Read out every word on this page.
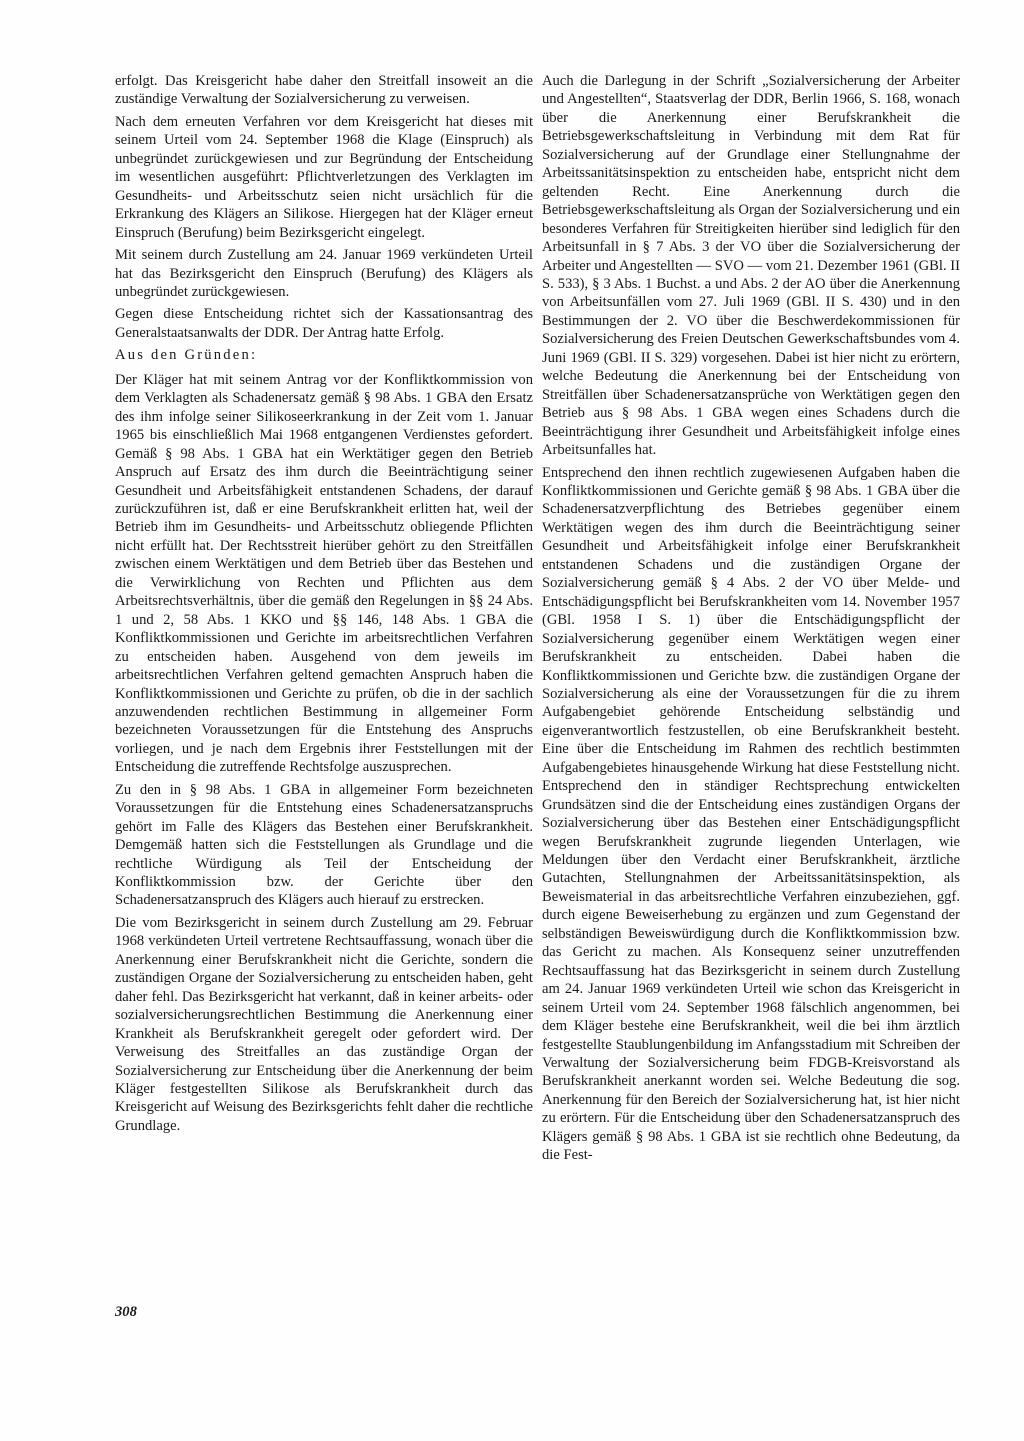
erfolgt. Das Kreisgericht habe daher den Streitfall insoweit an die zuständige Verwaltung der Sozialversicherung zu verweisen.

Nach dem erneuten Verfahren vor dem Kreisgericht hat dieses mit seinem Urteil vom 24. September 1968 die Klage (Einspruch) als unbegründet zurückgewiesen und zur Begründung der Entscheidung im wesentlichen ausgeführt: Pflichtverletzungen des Verklagten im Gesundheits- und Arbeitsschutz seien nicht ursächlich für die Erkrankung des Klägers an Silikose. Hiergegen hat der Kläger erneut Einspruch (Berufung) beim Bezirksgericht eingelegt.

Mit seinem durch Zustellung am 24. Januar 1969 verkündeten Urteil hat das Bezirksgericht den Einspruch (Berufung) des Klägers als unbegründet zurückgewiesen.

Gegen diese Entscheidung richtet sich der Kassationsantrag des Generalstaatsanwalts der DDR. Der Antrag hatte Erfolg.

Aus den Gründen:

Der Kläger hat mit seinem Antrag vor der Konfliktkommission von dem Verklagten als Schadenersatz gemäß § 98 Abs. 1 GBA den Ersatz des ihm infolge seiner Silikoseerkrankung in der Zeit vom 1. Januar 1965 bis einschließlich Mai 1968 entgangenen Verdienstes gefordert. Gemäß § 98 Abs. 1 GBA hat ein Werktätiger gegen den Betrieb Anspruch auf Ersatz des ihm durch die Beeinträchtigung seiner Gesundheit und Arbeitsfähigkeit entstandenen Schadens, der darauf zurückzuführen ist, daß er eine Berufskrankheit erlitten hat, weil der Betrieb ihm im Gesundheits- und Arbeitsschutz obliegende Pflichten nicht erfüllt hat. Der Rechtsstreit hierüber gehört zu den Streitfällen zwischen einem Werktätigen und dem Betrieb über das Bestehen und die Verwirklichung von Rechten und Pflichten aus dem Arbeitsrechtsverhältnis, über die gemäß den Regelungen in §§ 24 Abs. 1 und 2, 58 Abs. 1 KKO und §§ 146, 148 Abs. 1 GBA die Konfliktkommissionen und Gerichte im arbeitsrechtlichen Verfahren zu entscheiden haben. Ausgehend von dem jeweils im arbeitsrechtlichen Verfahren geltend gemachten Anspruch haben die Konfliktkommissionen und Gerichte zu prüfen, ob die in der sachlich anzuwendenden rechtlichen Bestimmung in allgemeiner Form bezeichneten Voraussetzungen für die Entstehung des Anspruchs vorliegen, und je nach dem Ergebnis ihrer Feststellungen mit der Entscheidung die zutreffende Rechtsfolge auszusprechen.

Zu den in § 98 Abs. 1 GBA in allgemeiner Form bezeichneten Voraussetzungen für die Entstehung eines Schadenersatzanspruchs gehört im Falle des Klägers das Bestehen einer Berufskrankheit. Demgemäß hatten sich die Feststellungen als Grundlage und die rechtliche Würdigung als Teil der Entscheidung der Konfliktkommission bzw. der Gerichte über den Schadenersatzanspruch des Klägers auch hierauf zu erstrecken.

Die vom Bezirksgericht in seinem durch Zustellung am 29. Februar 1968 verkündeten Urteil vertretene Rechtsauffassung, wonach über die Anerkennung einer Berufskrankheit nicht die Gerichte, sondern die zuständigen Organe der Sozialversicherung zu entscheiden haben, geht daher fehl. Das Bezirksgericht hat verkannt, daß in keiner arbeits- oder sozialversicherungsrechtlichen Bestimmung die Anerkennung einer Krankheit als Berufskrankheit geregelt oder gefordert wird. Der Verweisung des Streitfalles an das zuständige Organ der Sozialversicherung zur Entscheidung über die Anerkennung der beim Kläger festgestellten Silikose als Berufskrankheit durch das Kreisgericht auf Weisung des Bezirksgerichts fehlt daher die rechtliche Grundlage.

Auch die Darlegung in der Schrift „Sozialversicherung der Arbeiter und Angestellten“, Staatsverlag der DDR, Berlin 1966, S. 168, wonach über die Anerkennung einer Berufskrankheit die Betriebsgewerkschaftsleitung in Verbindung mit dem Rat für Sozialversicherung auf der Grundlage einer Stellungnahme der Arbeitssanitätsinspektion zu entscheiden habe, entspricht nicht dem geltenden Recht. Eine Anerkennung durch die Betriebsgewerkschaftsleitung als Organ der Sozialversicherung und ein besonderes Verfahren für Streitigkeiten hierüber sind lediglich für den Arbeitsunfall in § 7 Abs. 3 der VO über die Sozialversicherung der Arbeiter und Angestellten — SVO — vom 21. Dezember 1961 (GBl. II S. 533), § 3 Abs. 1 Buchst. a und Abs. 2 der AO über die Anerkennung von Arbeitsunfällen vom 27. Juli 1969 (GBl. II S. 430) und in den Bestimmungen der 2. VO über die Beschwerdekommissionen für Sozialversicherung des Freien Deutschen Gewerkschaftsbundes vom 4. Juni 1969 (GBl. II S. 329) vorgesehen. Dabei ist hier nicht zu erörtern, welche Bedeutung die Anerkennung bei der Entscheidung von Streitfällen über Schadenersatzansprüche von Werktätigen gegen den Betrieb aus § 98 Abs. 1 GBA wegen eines Schadens durch die Beeinträchtigung ihrer Gesundheit und Arbeitsfähigkeit infolge eines Arbeitsunfalles hat.

Entsprechend den ihnen rechtlich zugewiesenen Aufgaben haben die Konfliktkommissionen und Gerichte gemäß § 98 Abs. 1 GBA über die Schadenersatzverpflichtung des Betriebes gegenüber einem Werktätigen wegen des ihm durch die Beeinträchtigung seiner Gesundheit und Arbeitsfähigkeit infolge einer Berufskrankheit entstandenen Schadens und die zuständigen Organe der Sozialversicherung gemäß § 4 Abs. 2 der VO über Melde- und Entschädigungspflicht bei Berufskrankheiten vom 14. November 1957 (GBl. 1958 I S. 1) über die Entschädigungspflicht der Sozialversicherung gegenüber einem Werktätigen wegen einer Berufskrankheit zu entscheiden. Dabei haben die Konfliktkommissionen und Gerichte bzw. die zuständigen Organe der Sozialversicherung als eine der Voraussetzungen für die zu ihrem Aufgabengebiet gehörende Entscheidung selbständig und eigenverantwortlich festzustellen, ob eine Berufskrankheit besteht. Eine über die Entscheidung im Rahmen des rechtlich bestimmten Aufgabengebietes hinausgehende Wirkung hat diese Feststellung nicht. Entsprechend den in ständiger Rechtsprechung entwickelten Grundsätzen sind die der Entscheidung eines zuständigen Organs der Sozialversicherung über das Bestehen einer Entschädigungspflicht wegen Berufskrankheit zugrunde liegenden Unterlagen, wie Meldungen über den Verdacht einer Berufskrankheit, ärztliche Gutachten, Stellungnahmen der Arbeitssanitätsinspektion, als Beweismaterial in das arbeitsrechtliche Verfahren einzubeziehen, ggf. durch eigene Beweiserhebung zu ergänzen und zum Gegenstand der selbständigen Beweiswürdigung durch die Konfliktkommission bzw. das Gericht zu machen. Als Konsequenz seiner unzutreffenden Rechtsauffassung hat das Bezirksgericht in seinem durch Zustellung am 24. Januar 1969 verkündeten Urteil wie schon das Kreisgericht in seinem Urteil vom 24. September 1968 fälschlich angenommen, bei dem Kläger bestehe eine Berufskrankheit, weil die bei ihm ärztlich festgestellte Staublungenbildung im Anfangsstadium mit Schreiben der Verwaltung der Sozialversicherung beim FDGB-Kreisvorstand als Berufskrankheit anerkannt worden sei. Welche Bedeutung die sog. Anerkennung für den Bereich der Sozialversicherung hat, ist hier nicht zu erörtern. Für die Entscheidung über den Schadenersatzanspruch des Klägers gemäß § 98 Abs. 1 GBA ist sie rechtlich ohne Bedeutung, da die Fest-

308
